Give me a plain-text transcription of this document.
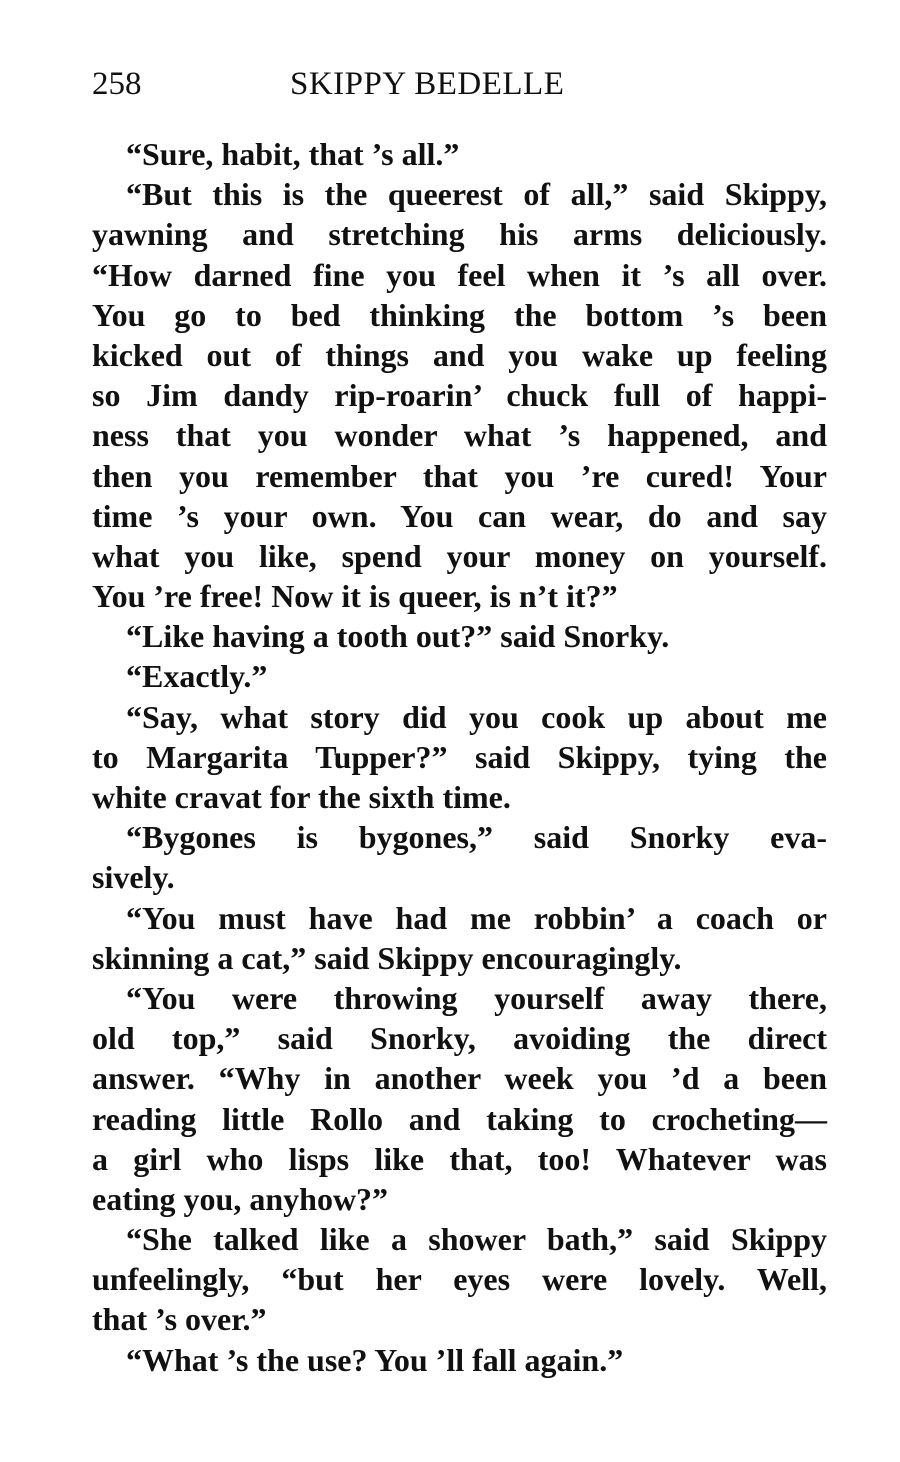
258	SKIPPY BEDELLE
“Sure, habit, that ’s all.”
“But this is the queerest of all,” said Skippy,
yawning and stretching his arms deliciously.
“How darned fine you feel when it ’s all over.
You go to bed thinking the bottom ’s been
kicked out of things and you wake up feeling
so Jim dandy rip-roarin’ chuck full of happi-
ness that you wonder what ’s happened, and
then you remember that you ’re cured! Your
time ’s your own. You can wear, do and say
what you like, spend your money on yourself.
You ’re free! Now it is queer, is n’t it?”
“Like having a tooth out?” said Snorky.
“Exactly.”
“Say, what story did you cook up about me
to Margarita Tupper?” said Skippy, tying the
white cravat for the sixth time.
“Bygones is bygones,” said Snorky eva-
sively.
“You must have had me robbin’ a coach or
skinning a cat,” said Skippy encouragingly.
“You were throwing yourself away there,
old top,” said Snorky, avoiding the direct
answer. “Why in another week you ’d a been
reading little Rollo and taking to crocheting—
a girl who lisps like that, too! Whatever was
eating you, anyhow?”
“She talked like a shower bath,” said Skippy
unfeelingly, “but her eyes were lovely. Well,
that ’s over.”
“What ’s the use? You ’ll fall again.”
